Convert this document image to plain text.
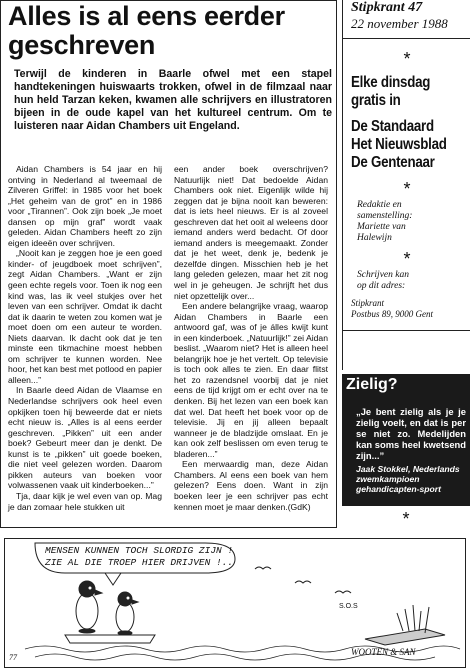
Alles is al eens eerder geschreven
Terwijl de kinderen in Baarle ofwel met een stapel handtekeningen huiswaarts trokken, ofwel in de filmzaal naar hun held Tarzan keken, kwamen alle schrijvers en illustratoren bijeen in de oude kapel van het kultureel centrum. Om te luisteren naar Aidan Chambers uit Engeland.

Aidan Chambers is 54 jaar en hij ontving in Nederland al tweemaal de Zilveren Griffel: in 1985 voor het boek „Het geheim van de grot” en in 1986 voor „Tirannen”. Ook zijn boek „Je moet dansen op mijn graf” wordt vaak geleden. Aidan Chambers heeft zo zijn eigen ideeën over schrijven.

„Nooit kan je zeggen hoe je een goed kinder- of jeugdboek moet schrijven”, zegt Aidan Chambers. „Want er zijn geen echte regels voor. Toen ik nog een kind was, las ik veel stukjes over het leven van een schrijver. Omdat ik dacht dat ik daarin te weten zou komen wat je moet doen om een auteur te worden. Niets daarvan. Ik dacht ook dat je ten minste een tikmachine moest hebben om schrijver te kunnen worden. Nee hoor, het kan best met potlood en papier alleen...”

In Baarle deed Aidan de Vlaamse en Nederlandse schrijvers ook heel even opkijken toen hij beweerde dat er niets echt nieuw is. „Alles is al eens eerder geschreven. „Pikken” uit een ander boek? Gebeurt meer dan je denkt. De kunst is te „pikken” uit goede boeken, die niet veel gelezen worden. Daarom pikken auteurs van boeken voor volwassenen vaak uit kinderboeken...”

Tja, daar kijk je wel even van op. Mag je dan zomaar hele stukken uit

een ander boek overschrijven? Natuurlijk niet! Dat bedoelde Aidan Chambers ook niet. Eigenlijk wilde hij zeggen dat je bijna nooit kan beweren: dat is iets heel nieuws. Er is al zoveel geschreven dat het ooit al weleens door iemand anders werd bedacht. Of door iemand anders is meegemaakt. Zonder dat je het weet, denk je, bedenk je dezelfde dingen. Misschien heb je het lang geleden gelezen, maar het zit nog wel in je geheugen. Je schrijft het dus niet opzettelijk over...

Een andere belangrijke vraag, waarop Aidan Chambers in Baarle een antwoord gaf, was of je álles kwijt kunt in een kinderboek. „Natuurlijk!” zei Aidan beslist. „Waarom niet? Het is alleen heel belangrijk hoe je het vertelt. Op televisie is toch ook alles te zien. En daar flitst het zo razendsnel voorbij dat je niet eens de tijd krijgt om er echt over na te denken. Bij het lezen van een boek kan dat wel. Dat heeft het boek voor op de televisie. Jij en jij alleen bepaalt wanneer je de bladzijde omslaat. En je kan ook zelf beslissen om even terug te bladeren...”

Een merwaardig man, deze Aidan Chambers. Al eens een boek van hem gelezen? Eens doen. Want in zijn boeken leer je een schrijver pas echt kennen moet je maar denken.(GdK)

Stipkrant 47
22 november 1988
*
Elke dinsdag
gratis in
De Standaard
Het Nieuwsblad
De Gentenaar
*
Redaktie en
samenstelling:
Mariette van
Halewijn
*
Schrijven kan
op dit adres:
Stipkrant
Postbus 89, 9000 Gent
Zielig?
„Je bent zielig als je je zielig voelt, en dat is per se niet zo. Medelijden kan soms heel kwetsend zijn...”
Jaak Stokkel, Nederlands zwemkampioen gehandicapten-sport
*
MENSEN KUNNEN TOCH SLORDIG ZIJN !
ZIE AL DIE TROEP HIER DRIJVEN !..
S.O.S
WOOTEN & SAN
77
